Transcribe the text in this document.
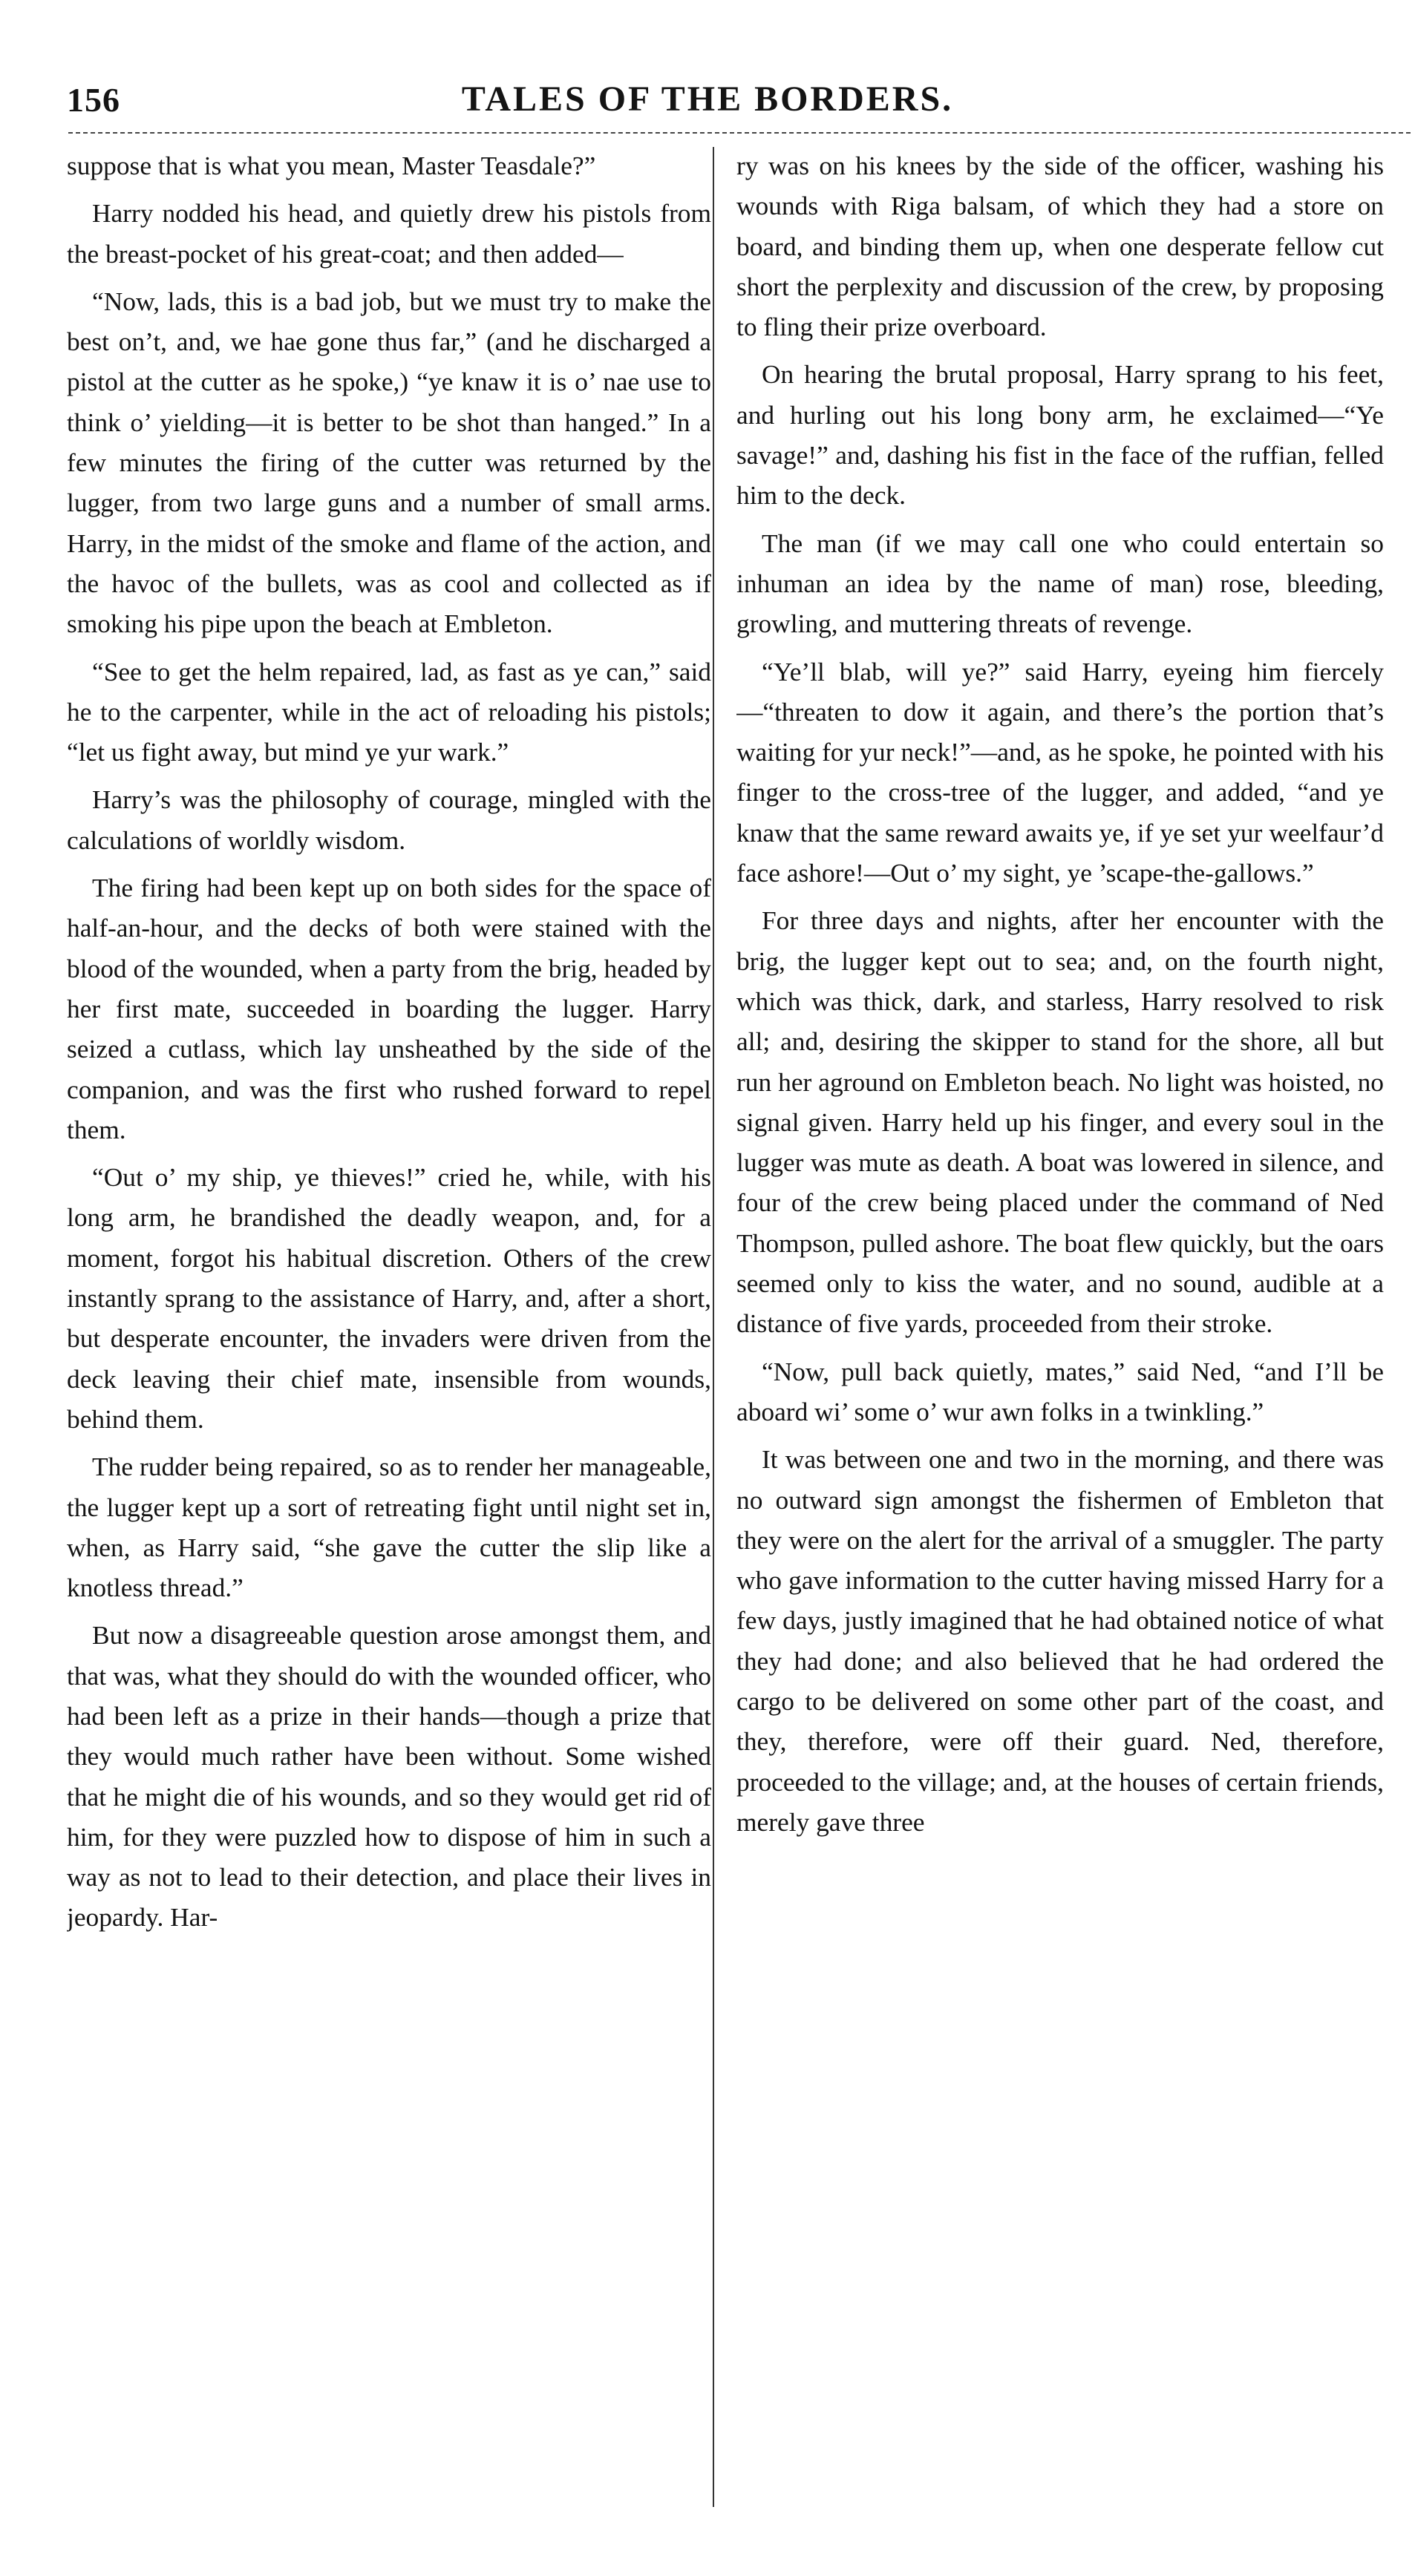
156	TALES OF THE BORDERS.

suppose that is what you mean, Master Teasdale?”

Harry nodded his head, and quietly drew his pistols from the breast-pocket of his great-coat; and then added—

“Now, lads, this is a bad job, but we must try to make the best on’t, and, we hae gone thus far,” (and he discharged a pistol at the cutter as he spoke,) “ye knaw it is o’ nae use to think o’ yielding—it is better to be shot than hanged.” In a few minutes the firing of the cutter was returned by the lugger, from two large guns and a number of small arms. Harry, in the midst of the smoke and flame of the action, and the havoc of the bullets, was as cool and collected as if smoking his pipe upon the beach at Embleton.

“See to get the helm repaired, lad, as fast as ye can,” said he to the carpenter, while in the act of reloading his pistols; “let us fight away, but mind ye yur wark.”

Harry’s was the philosophy of courage, mingled with the calculations of worldly wisdom.

The firing had been kept up on both sides for the space of half-an-hour, and the decks of both were stained with the blood of the wounded, when a party from the brig, headed by her first mate, succeeded in boarding the lugger. Harry seized a cutlass, which lay unsheathed by the side of the companion, and was the first who rushed forward to repel them.

“Out o’ my ship, ye thieves!” cried he, while, with his long arm, he brandished the deadly weapon, and, for a moment, forgot his habitual discretion. Others of the crew instantly sprang to the assistance of Harry, and, after a short, but desperate encounter, the invaders were driven from the deck leaving their chief mate, insensible from wounds, behind them.

The rudder being repaired, so as to render her manageable, the lugger kept up a sort of retreating fight until night set in, when, as Harry said, “she gave the cutter the slip like a knotless thread.”

But now a disagreeable question arose amongst them, and that was, what they should do with the wounded officer, who had been left as a prize in their hands—though a prize that they would much rather have been without. Some wished that he might die of his wounds, and so they would get rid of him, for they were puzzled how to dispose of him in such a way as not to lead to their detection, and place their lives in jeopardy. Har-

ry was on his knees by the side of the officer, washing his wounds with Riga balsam, of which they had a store on board, and binding them up, when one desperate fellow cut short the perplexity and discussion of the crew, by proposing to fling their prize overboard.

On hearing the brutal proposal, Harry sprang to his feet, and hurling out his long bony arm, he exclaimed—“Ye savage!” and, dashing his fist in the face of the ruffian, felled him to the deck.

The man (if we may call one who could entertain so inhuman an idea by the name of man) rose, bleeding, growling, and muttering threats of revenge.

“Ye’ll blab, will ye?” said Harry, eyeing him fiercely—“threaten to dow it again, and there’s the portion that’s waiting for yur neck!”—and, as he spoke, he pointed with his finger to the cross-tree of the lugger, and added, “and ye knaw that the same reward awaits ye, if ye set yur weelfaur’d face ashore!—Out o’ my sight, ye ’scape-the-gallows.”

For three days and nights, after her encounter with the brig, the lugger kept out to sea; and, on the fourth night, which was thick, dark, and starless, Harry resolved to risk all; and, desiring the skipper to stand for the shore, all but run her aground on Embleton beach. No light was hoisted, no signal given. Harry held up his finger, and every soul in the lugger was mute as death. A boat was lowered in silence, and four of the crew being placed under the command of Ned Thompson, pulled ashore. The boat flew quickly, but the oars seemed only to kiss the water, and no sound, audible at a distance of five yards, proceeded from their stroke.

“Now, pull back quietly, mates,” said Ned, “and I’ll be aboard wi’ some o’ wur awn folks in a twinkling.”

It was between one and two in the morning, and there was no outward sign amongst the fishermen of Embleton that they were on the alert for the arrival of a smuggler. The party who gave information to the cutter having missed Harry for a few days, justly imagined that he had obtained notice of what they had done; and also believed that he had ordered the cargo to be delivered on some other part of the coast, and they, therefore, were off their guard. Ned, therefore, proceeded to the village; and, at the houses of certain friends, merely gave three
